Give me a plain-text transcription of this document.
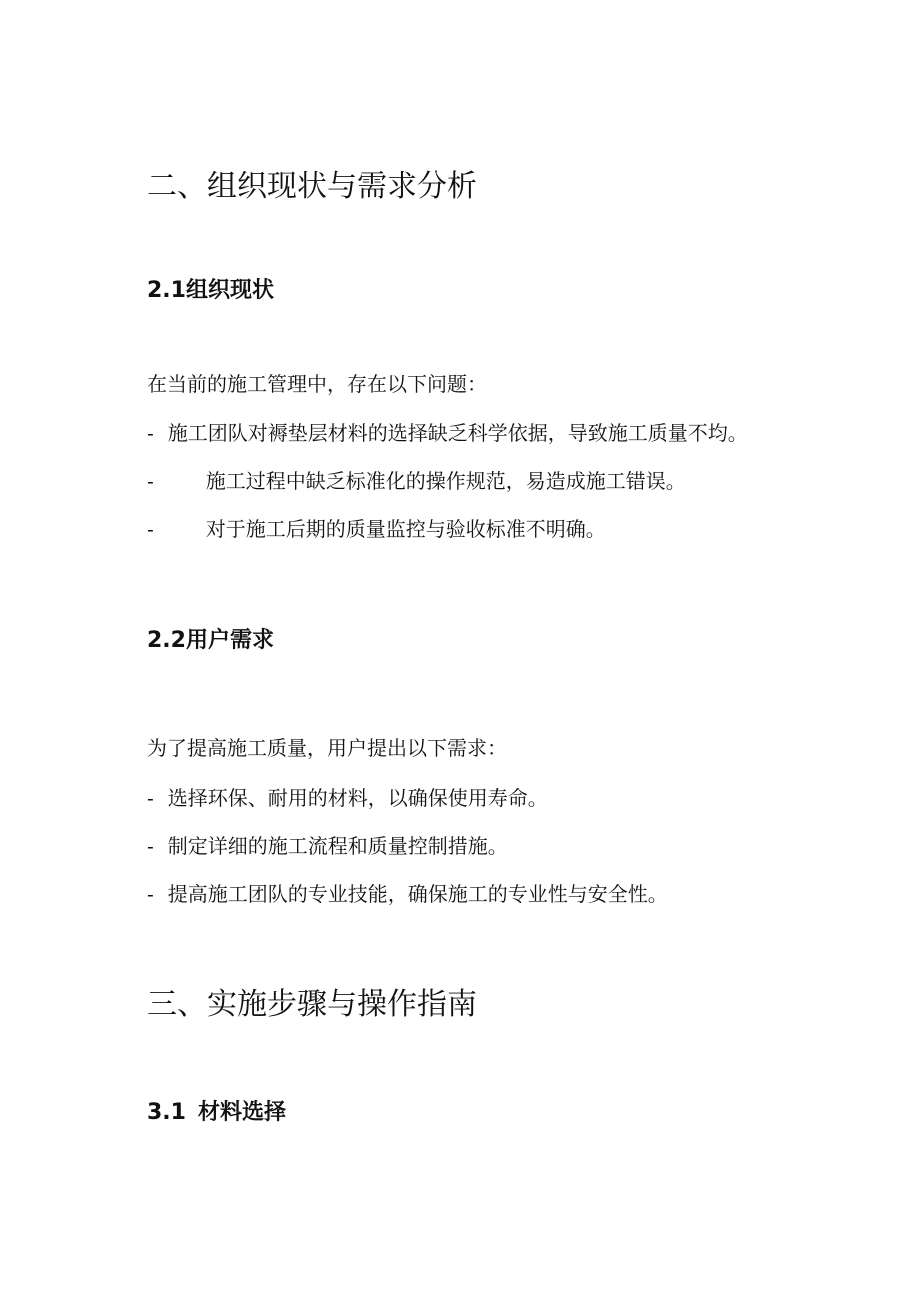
二、组织现状与需求分析
2.1组织现状

在当前的施工管理中，存在以下问题：

- 施工团队对褥垫层材料的选择缺乏科学依据，导致施工质量不均。
-	施工过程中缺乏标准化的操作规范，易造成施工错误。
-	对于施工后期的质量监控与验收标准不明确。
2.2用户需求

为了提高施工质量，用户提出以下需求：

- 选择环保、耐用的材料，以确保使用寿命。
- 制定详细的施工流程和质量控制措施。
- 提高施工团队的专业技能，确保施工的专业性与安全性。
三、实施步骤与操作指南
3.1 材料选择
